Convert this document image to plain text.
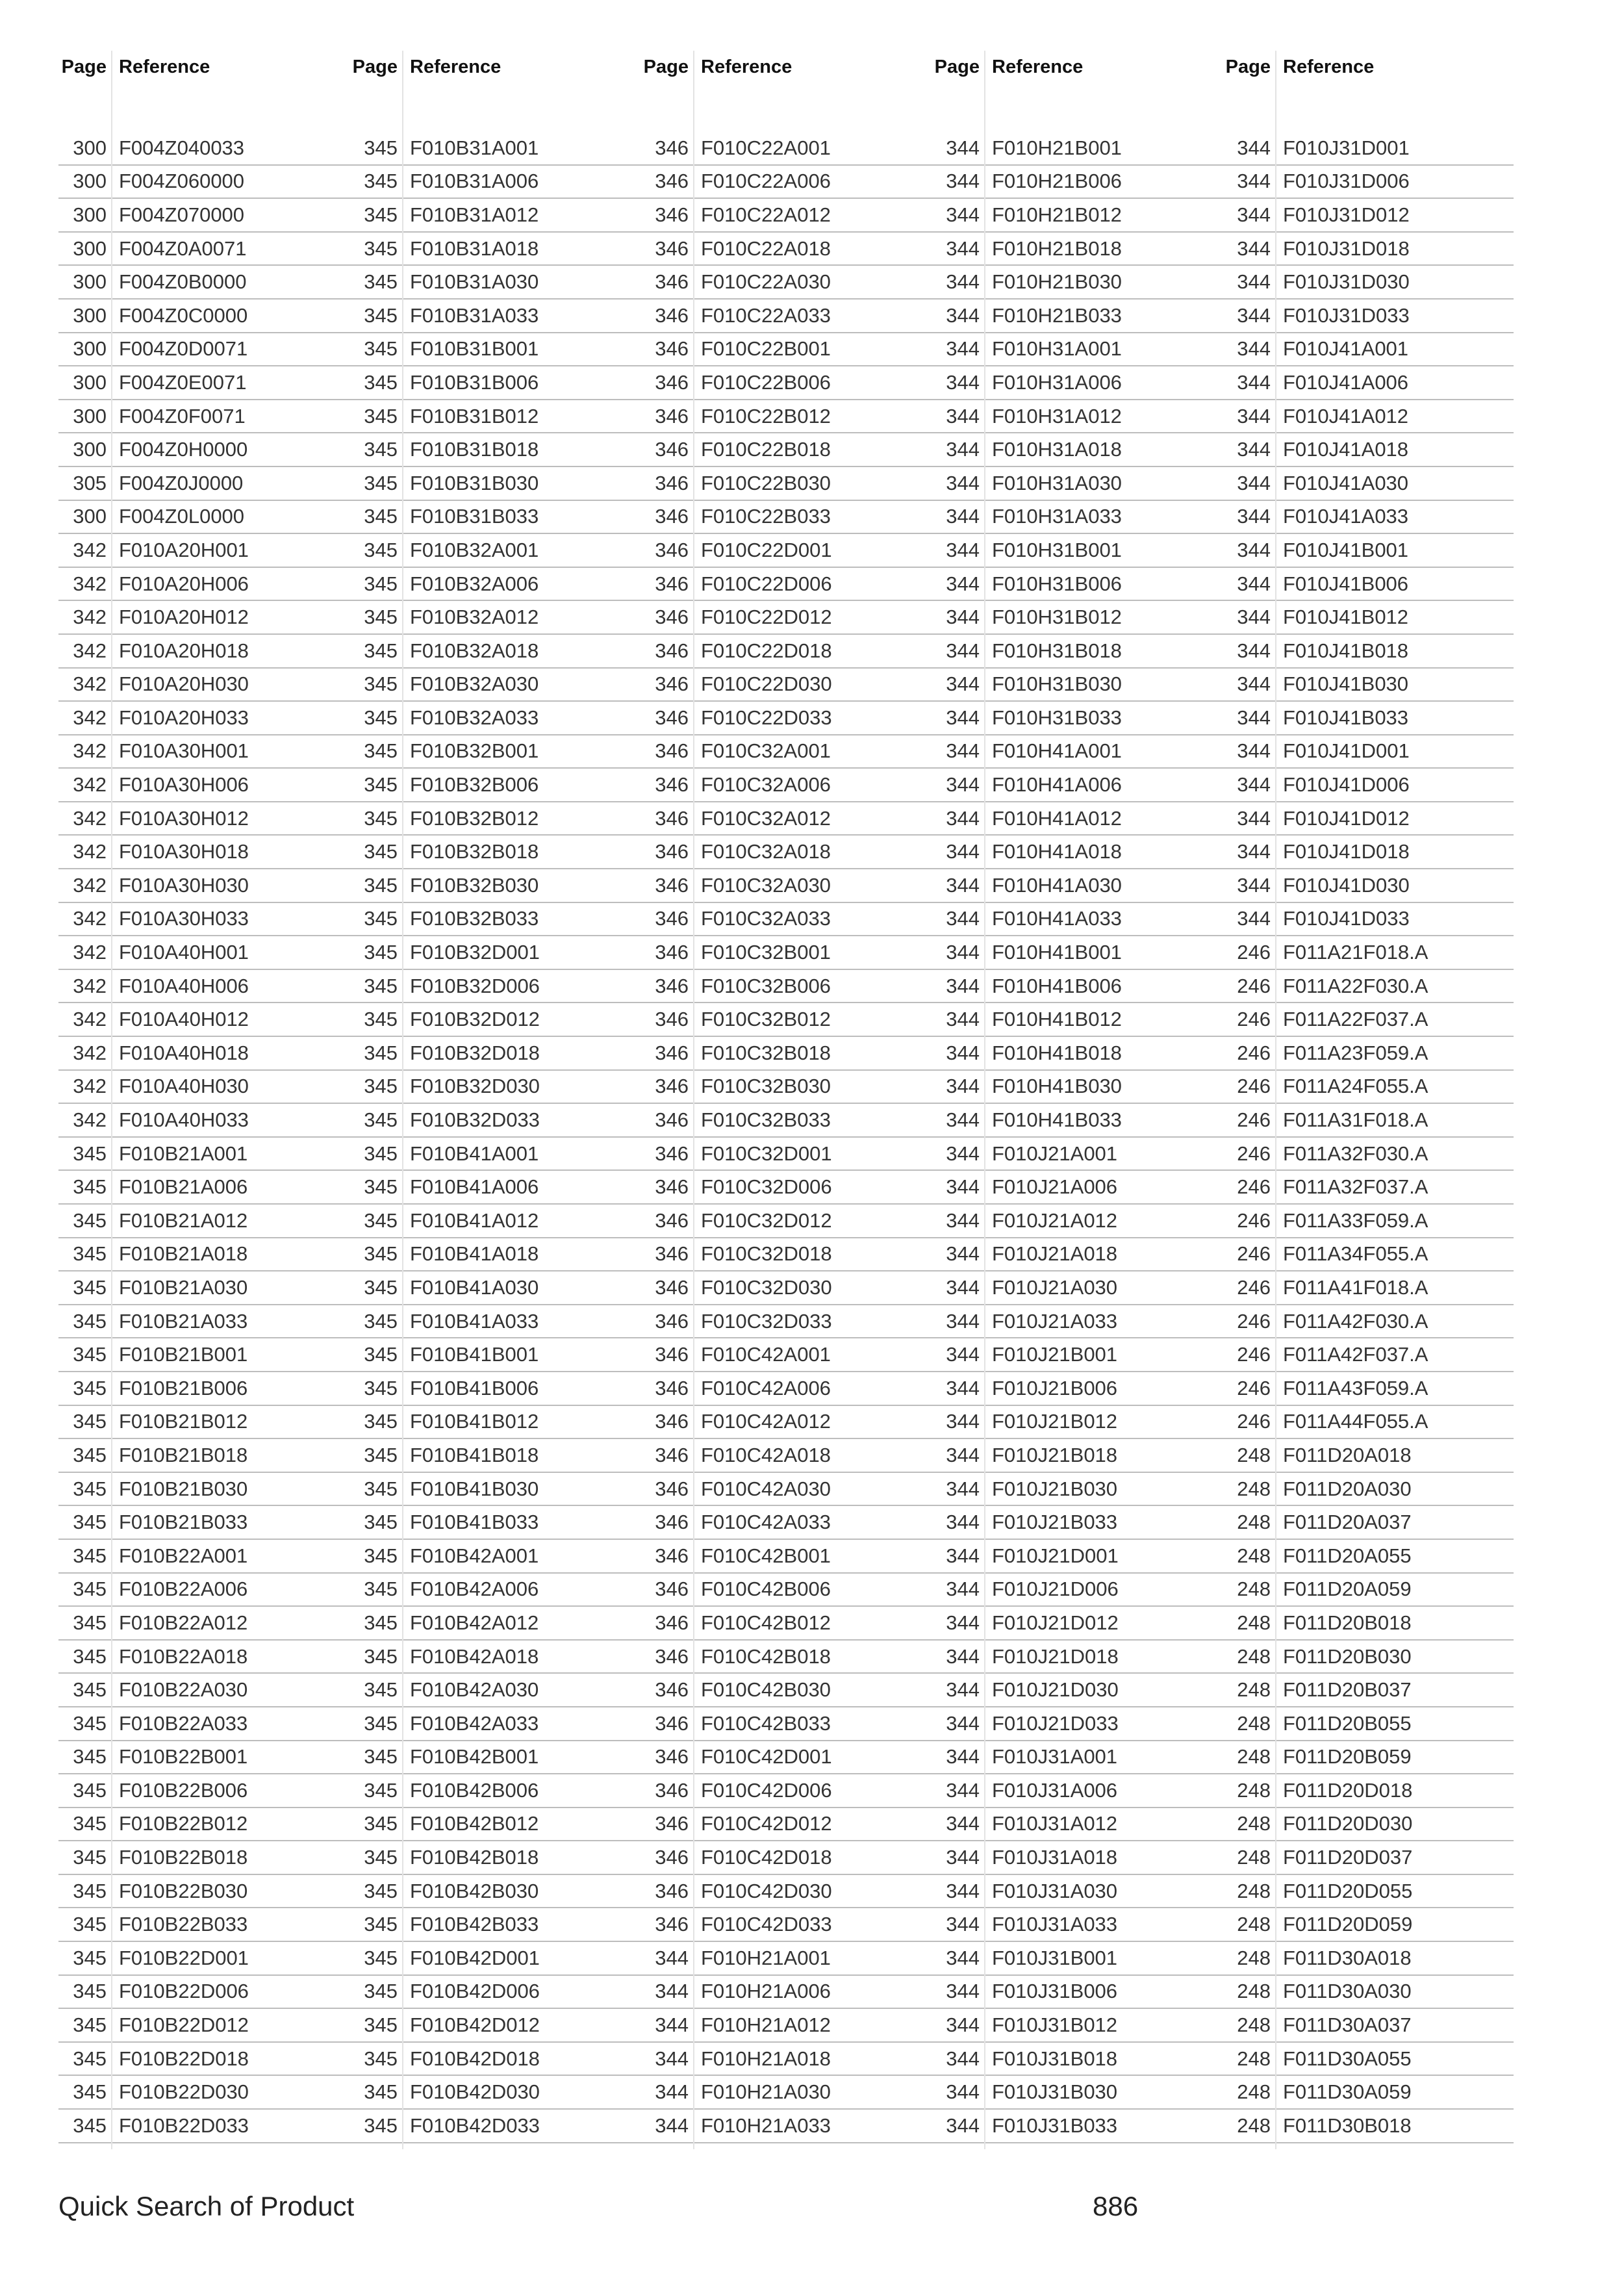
Page Reference
300 F004Z040033
300 F004Z060000
300 F004Z070000
300 F004Z0A0071
300 F004Z0B0000
300 F004Z0C0000
300 F004Z0D0071
300 F004Z0E0071
300 F004Z0F0071
300 F004Z0H0000
305 F004Z0J0000
300 F004Z0L0000
342 F010A20H001
342 F010A20H006
342 F010A20H012
342 F010A20H018
342 F010A20H030
342 F010A20H033
342 F010A30H001
342 F010A30H006
342 F010A30H012
342 F010A30H018
342 F010A30H030
342 F010A30H033
342 F010A40H001
342 F010A40H006
342 F010A40H012
342 F010A40H018
342 F010A40H030
342 F010A40H033
345 F010B21A001
345 F010B21A006
345 F010B21A012
345 F010B21A018
345 F010B21A030
345 F010B21A033
345 F010B21B001
345 F010B21B006
345 F010B21B012
345 F010B21B018
345 F010B21B030
345 F010B21B033
345 F010B22A001
345 F010B22A006
345 F010B22A012
345 F010B22A018
345 F010B22A030
345 F010B22A033
345 F010B22B001
345 F010B22B006
345 F010B22B012
345 F010B22B018
345 F010B22B030
345 F010B22B033
345 F010B22D001
345 F010B22D006
345 F010B22D012
345 F010B22D018
345 F010B22D030
345 F010B22D033
Page Reference
345 F010B31A001
345 F010B31A006
345 F010B31A012
345 F010B31A018
345 F010B31A030
345 F010B31A033
345 F010B31B001
345 F010B31B006
345 F010B31B012
345 F010B31B018
345 F010B31B030
345 F010B31B033
345 F010B32A001
345 F010B32A006
345 F010B32A012
345 F010B32A018
345 F010B32A030
345 F010B32A033
345 F010B32B001
345 F010B32B006
345 F010B32B012
345 F010B32B018
345 F010B32B030
345 F010B32B033
345 F010B32D001
345 F010B32D006
345 F010B32D012
345 F010B32D018
345 F010B32D030
345 F010B32D033
345 F010B41A001
345 F010B41A006
345 F010B41A012
345 F010B41A018
345 F010B41A030
345 F010B41A033
345 F010B41B001
345 F010B41B006
345 F010B41B012
345 F010B41B018
345 F010B41B030
345 F010B41B033
345 F010B42A001
345 F010B42A006
345 F010B42A012
345 F010B42A018
345 F010B42A030
345 F010B42A033
345 F010B42B001
345 F010B42B006
345 F010B42B012
345 F010B42B018
345 F010B42B030
345 F010B42B033
345 F010B42D001
345 F010B42D006
345 F010B42D012
345 F010B42D018
345 F010B42D030
345 F010B42D033
Page Reference
346 F010C22A001
346 F010C22A006
346 F010C22A012
346 F010C22A018
346 F010C22A030
346 F010C22A033
346 F010C22B001
346 F010C22B006
346 F010C22B012
346 F010C22B018
346 F010C22B030
346 F010C22B033
346 F010C22D001
346 F010C22D006
346 F010C22D012
346 F010C22D018
346 F010C22D030
346 F010C22D033
346 F010C32A001
346 F010C32A006
346 F010C32A012
346 F010C32A018
346 F010C32A030
346 F010C32A033
346 F010C32B001
346 F010C32B006
346 F010C32B012
346 F010C32B018
346 F010C32B030
346 F010C32B033
346 F010C32D001
346 F010C32D006
346 F010C32D012
346 F010C32D018
346 F010C32D030
346 F010C32D033
346 F010C42A001
346 F010C42A006
346 F010C42A012
346 F010C42A018
346 F010C42A030
346 F010C42A033
346 F010C42B001
346 F010C42B006
346 F010C42B012
346 F010C42B018
346 F010C42B030
346 F010C42B033
346 F010C42D001
346 F010C42D006
346 F010C42D012
346 F010C42D018
346 F010C42D030
346 F010C42D033
344 F010H21A001
344 F010H21A006
344 F010H21A012
344 F010H21A018
344 F010H21A030
344 F010H21A033
Page Reference
344 F010H21B001
344 F010H21B006
344 F010H21B012
344 F010H21B018
344 F010H21B030
344 F010H21B033
344 F010H31A001
344 F010H31A006
344 F010H31A012
344 F010H31A018
344 F010H31A030
344 F010H31A033
344 F010H31B001
344 F010H31B006
344 F010H31B012
344 F010H31B018
344 F010H31B030
344 F010H31B033
344 F010H41A001
344 F010H41A006
344 F010H41A012
344 F010H41A018
344 F010H41A030
344 F010H41A033
344 F010H41B001
344 F010H41B006
344 F010H41B012
344 F010H41B018
344 F010H41B030
344 F010H41B033
344 F010J21A001
344 F010J21A006
344 F010J21A012
344 F010J21A018
344 F010J21A030
344 F010J21A033
344 F010J21B001
344 F010J21B006
344 F010J21B012
344 F010J21B018
344 F010J21B030
344 F010J21B033
344 F010J21D001
344 F010J21D006
344 F010J21D012
344 F010J21D018
344 F010J21D030
344 F010J21D033
344 F010J31A001
344 F010J31A006
344 F010J31A012
344 F010J31A018
344 F010J31A030
344 F010J31A033
344 F010J31B001
344 F010J31B006
344 F010J31B012
344 F010J31B018
344 F010J31B030
344 F010J31B033
Page Reference
344 F010J31D001
344 F010J31D006
344 F010J31D012
344 F010J31D018
344 F010J31D030
344 F010J31D033
344 F010J41A001
344 F010J41A006
344 F010J41A012
344 F010J41A018
344 F010J41A030
344 F010J41A033
344 F010J41B001
344 F010J41B006
344 F010J41B012
344 F010J41B018
344 F010J41B030
344 F010J41B033
344 F010J41D001
344 F010J41D006
344 F010J41D012
344 F010J41D018
344 F010J41D030
344 F010J41D033
246 F011A21F018.A
246 F011A22F030.A
246 F011A22F037.A
246 F011A23F059.A
246 F011A24F055.A
246 F011A31F018.A
246 F011A32F030.A
246 F011A32F037.A
246 F011A33F059.A
246 F011A34F055.A
246 F011A41F018.A
246 F011A42F030.A
246 F011A42F037.A
246 F011A43F059.A
246 F011A44F055.A
248 F011D20A018
248 F011D20A030
248 F011D20A037
248 F011D20A055
248 F011D20A059
248 F011D20B018
248 F011D20B030
248 F011D20B037
248 F011D20B055
248 F011D20B059
248 F011D20D018
248 F011D20D030
248 F011D20D037
248 F011D20D055
248 F011D20D059
248 F011D30A018
248 F011D30A030
248 F011D30A037
248 F011D30A055
248 F011D30A059
248 F011D30B018
Quick Search of Product	886
